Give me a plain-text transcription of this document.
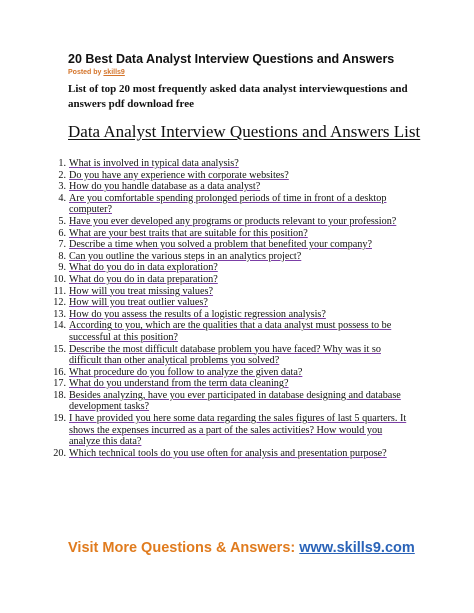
20 Best Data Analyst Interview Questions and Answers
Posted by skills9
List of top 20 most frequently asked data analyst interviewquestions and answers pdf download free
Data Analyst Interview Questions and Answers List
1. What is involved in typical data analysis?
2. Do you have any experience with corporate websites?
3. How do you handle database as a data analyst?
4. Are you comfortable spending prolonged periods of time in front of a desktop computer?
5. Have you ever developed any programs or products relevant to your profession?
6. What are your best traits that are suitable for this position?
7. Describe a time when you solved a problem that benefited your company?
8. Can you outline the various steps in an analytics project?
9. What do you do in data exploration?
10. What do you do in data preparation?
11. How will you treat missing values?
12. How will you treat outlier values?
13. How do you assess the results of a logistic regression analysis?
14. According to you, which are the qualities that a data analyst must possess to be successful at this position?
15. Describe the most difficult database problem you have faced? Why was it so difficult than other analytical problems you solved?
16. What procedure do you follow to analyze the given data?
17. What do you understand from the term data cleaning?
18. Besides analyzing, have you ever participated in database designing and database development tasks?
19. I have provided you here some data regarding the sales figures of last 5 quarters. It shows the expenses incurred as a part of the sales activities? How would you analyze this data?
20. Which technical tools do you use often for analysis and presentation purpose?
Visit More Questions & Answers: www.skills9.com
